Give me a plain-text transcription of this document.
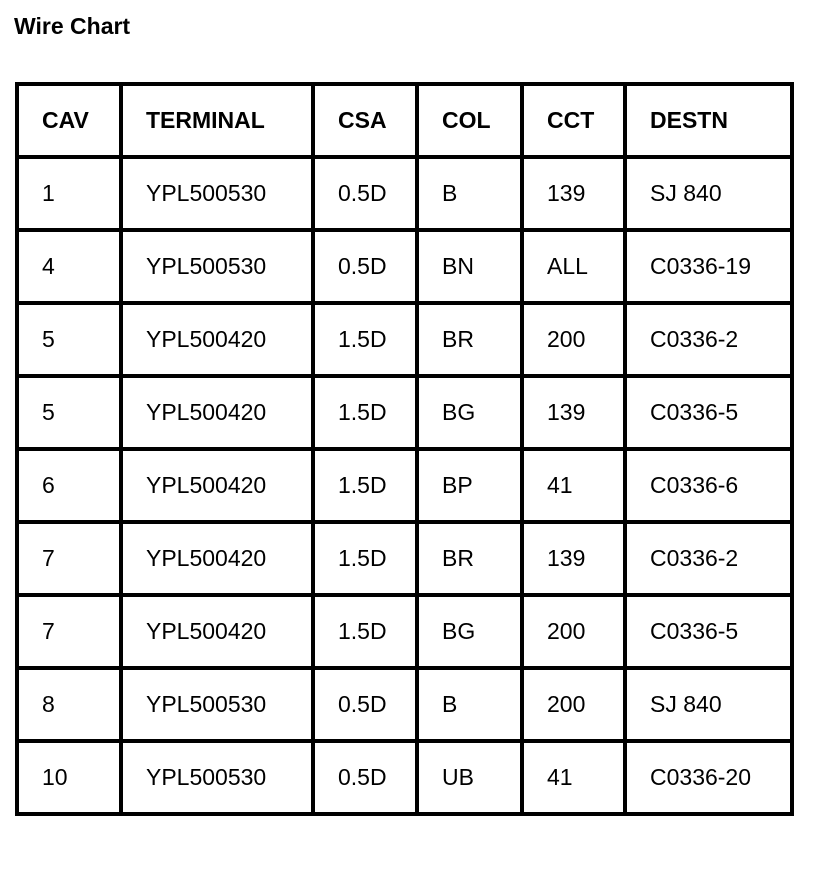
Wire Chart
CAV	TERMINAL	CSA	COL	CCT	DESTN
1	YPL500530	0.5D	B	139	SJ 840
4	YPL500530	0.5D	BN	ALL	C0336-19
5	YPL500420	1.5D	BR	200	C0336-2
5	YPL500420	1.5D	BG	139	C0336-5
6	YPL500420	1.5D	BP	41	C0336-6
7	YPL500420	1.5D	BR	139	C0336-2
7	YPL500420	1.5D	BG	200	C0336-5
8	YPL500530	0.5D	B	200	SJ 840
10	YPL500530	0.5D	UB	41	C0336-20
